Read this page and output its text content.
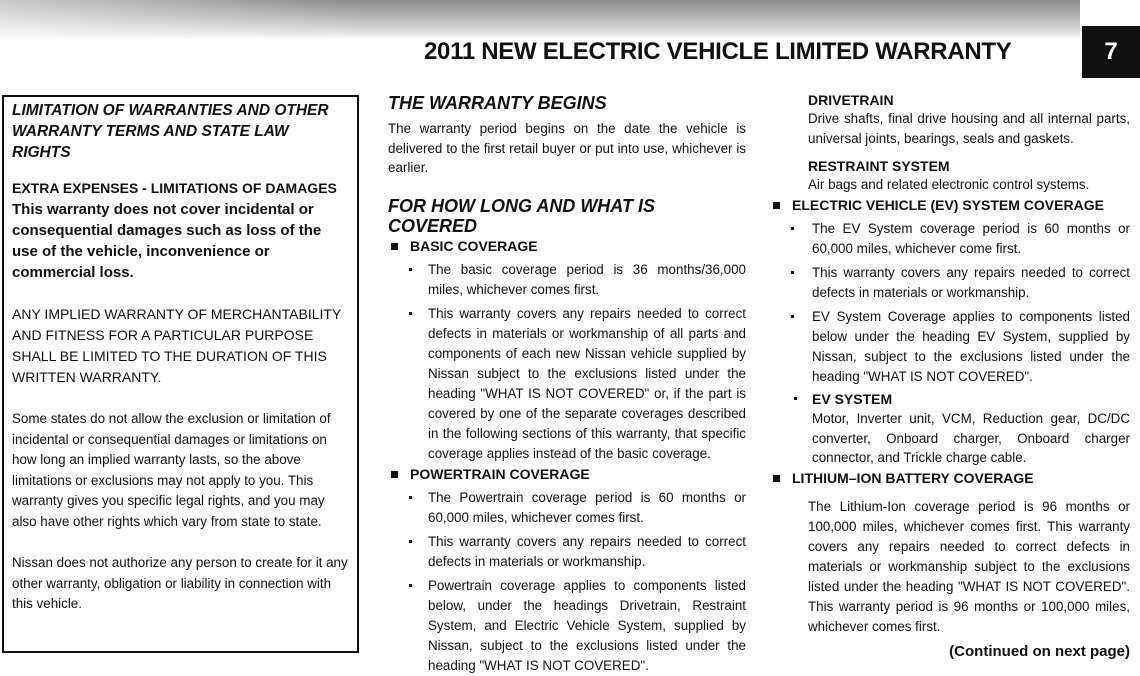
2011 NEW ELECTRIC VEHICLE LIMITED WARRANTY	7
LIMITATION OF WARRANTIES AND OTHER WARRANTY TERMS AND STATE LAW RIGHTS
EXTRA EXPENSES - LIMITATIONS OF DAMAGES
This warranty does not cover incidental or consequential damages such as loss of the use of the vehicle, inconvenience or commercial loss.
ANY IMPLIED WARRANTY OF MERCHANTABILITY AND FITNESS FOR A PARTICULAR PURPOSE SHALL BE LIMITED TO THE DURATION OF THIS WRITTEN WARRANTY.
Some states do not allow the exclusion or limitation of incidental or consequential damages or limitations on how long an implied warranty lasts, so the above limitations or exclusions may not apply to you. This warranty gives you specific legal rights, and you may also have other rights which vary from state to state.
Nissan does not authorize any person to create for it any other warranty, obligation or liability in connection with this vehicle.
THE WARRANTY BEGINS
The warranty period begins on the date the vehicle is delivered to the first retail buyer or put into use, whichever is earlier.
FOR HOW LONG AND WHAT IS COVERED
BASIC COVERAGE
The basic coverage period is 36 months/36,000 miles, whichever comes first.
This warranty covers any repairs needed to correct defects in materials or workmanship of all parts and components of each new Nissan vehicle supplied by Nissan subject to the exclusions listed under the heading "WHAT IS NOT COVERED" or, if the part is covered by one of the separate coverages described in the following sections of this warranty, that specific coverage applies instead of the basic coverage.
POWERTRAIN COVERAGE
The Powertrain coverage period is 60 months or 60,000 miles, whichever comes first.
This warranty covers any repairs needed to correct defects in materials or workmanship.
Powertrain coverage applies to components listed below, under the headings Drivetrain, Restraint System, and Electric Vehicle System, supplied by Nissan, subject to the exclusions listed under the heading "WHAT IS NOT COVERED".
DRIVETRAIN
Drive shafts, final drive housing and all internal parts, universal joints, bearings, seals and gaskets.
RESTRAINT SYSTEM
Air bags and related electronic control systems.
ELECTRIC VEHICLE (EV) SYSTEM COVERAGE
The EV System coverage period is 60 months or 60,000 miles, whichever come first.
This warranty covers any repairs needed to correct defects in materials or workmanship.
EV System Coverage applies to components listed below under the heading EV System, supplied by Nissan, subject to the exclusions listed under the heading "WHAT IS NOT COVERED".
EV SYSTEM
Motor, Inverter unit, VCM, Reduction gear, DC/DC converter, Onboard charger, Onboard charger connector, and Trickle charge cable.
LITHIUM–ION BATTERY COVERAGE
The Lithium-Ion coverage period is 96 months or 100,000 miles, whichever comes first. This warranty covers any repairs needed to correct defects in materials or workmanship subject to the exclusions listed under the heading "WHAT IS NOT COVERED". This warranty period is 96 months or 100,000 miles, whichever comes first.
(Continued on next page)
